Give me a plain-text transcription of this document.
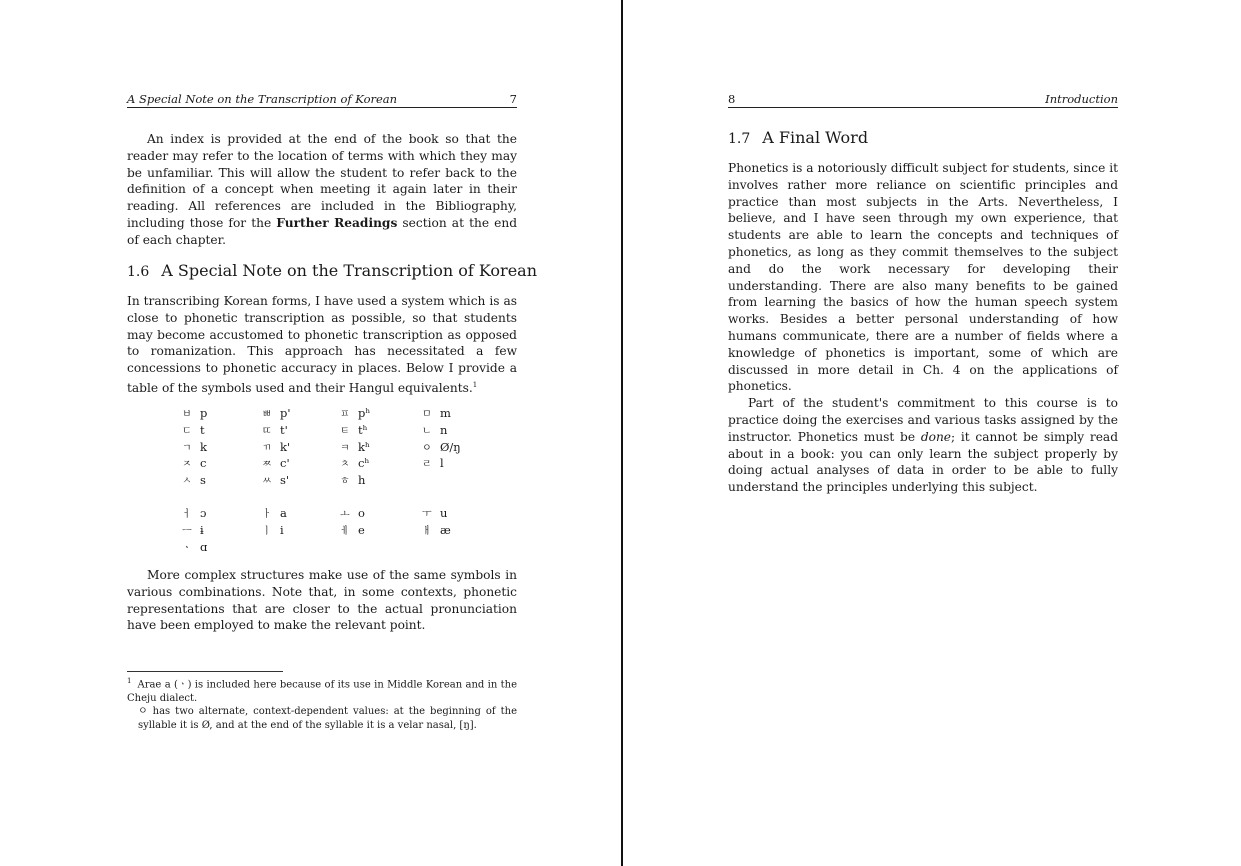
A Special Note on the Transcription of Korean	7

An index is provided at the end of the book so that the reader may refer to the location of terms with which they may be unfamiliar. This will allow the student to refer back to the definition of a concept when meeting it again later in their reading. All references are included in the Bibliography, including those for the Further Readings section at the end of each chapter.

1.6 A Special Note on the Transcription of Korean

In transcribing Korean forms, I have used a system which is as close to phonetic transcription as possible, so that students may become accustomed to phonetic transcription as opposed to romanization. This approach has necessitated a few concessions to phonetic accuracy in places. Below I provide a table of the symbols used and their Hangul equivalents.$^1$

ㅂ p	ㅃ p'	ㅍ pʰ	ㅁ m
ㄷ t	ㄸ t'	ㅌ tʰ	ㄴ n
ㄱ k	ㄲ k'	ㅋ kʰ	ㅇ Ø/ŋ
ㅈ c	ㅉ c'	ㅊ cʰ	ㄹ l
ㅅ s	ㅆ s'	ㅎ h
ㅓ ɔ	ㅏ a	ㅗ o	ㅜ u
ㅡ ɨ	ㅣ i	ㅔ e	ㅐ æ
ㆍ ɑ

More complex structures make use of the same symbols in various combinations. Note that, in some contexts, phonetic representations that are closer to the actual pronunciation have been employed to make the relevant point.

$^1$ Arae a (ㆍ) is included here because of its use in Middle Korean and in the Cheju dialect.

ㅇ has two alternate, context-dependent values: at the beginning of the syllable it is Ø, and at the end of the syllable it is a velar nasal, [ŋ].

8	Introduction
1.7 A Final Word

Phonetics is a notoriously difficult subject for students, since it involves rather more reliance on scientific principles and practice than most subjects in the Arts. Nevertheless, I believe, and I have seen through my own experience, that students are able to learn the concepts and techniques of phonetics, as long as they commit themselves to the subject and do the work necessary for developing their understanding. There are also many benefits to be gained from learning the basics of how the human speech system works. Besides a better personal understanding of how humans communicate, there are a number of fields where a knowledge of phonetics is important, some of which are discussed in more detail in Ch. 4 on the applications of phonetics.

Part of the student's commitment to this course is to practice doing the exercises and various tasks assigned by the instructor. Phonetics must be done; it cannot be simply read about in a book: you can only learn the subject properly by doing actual analyses of data in order to be able to fully understand the principles underlying this subject.
